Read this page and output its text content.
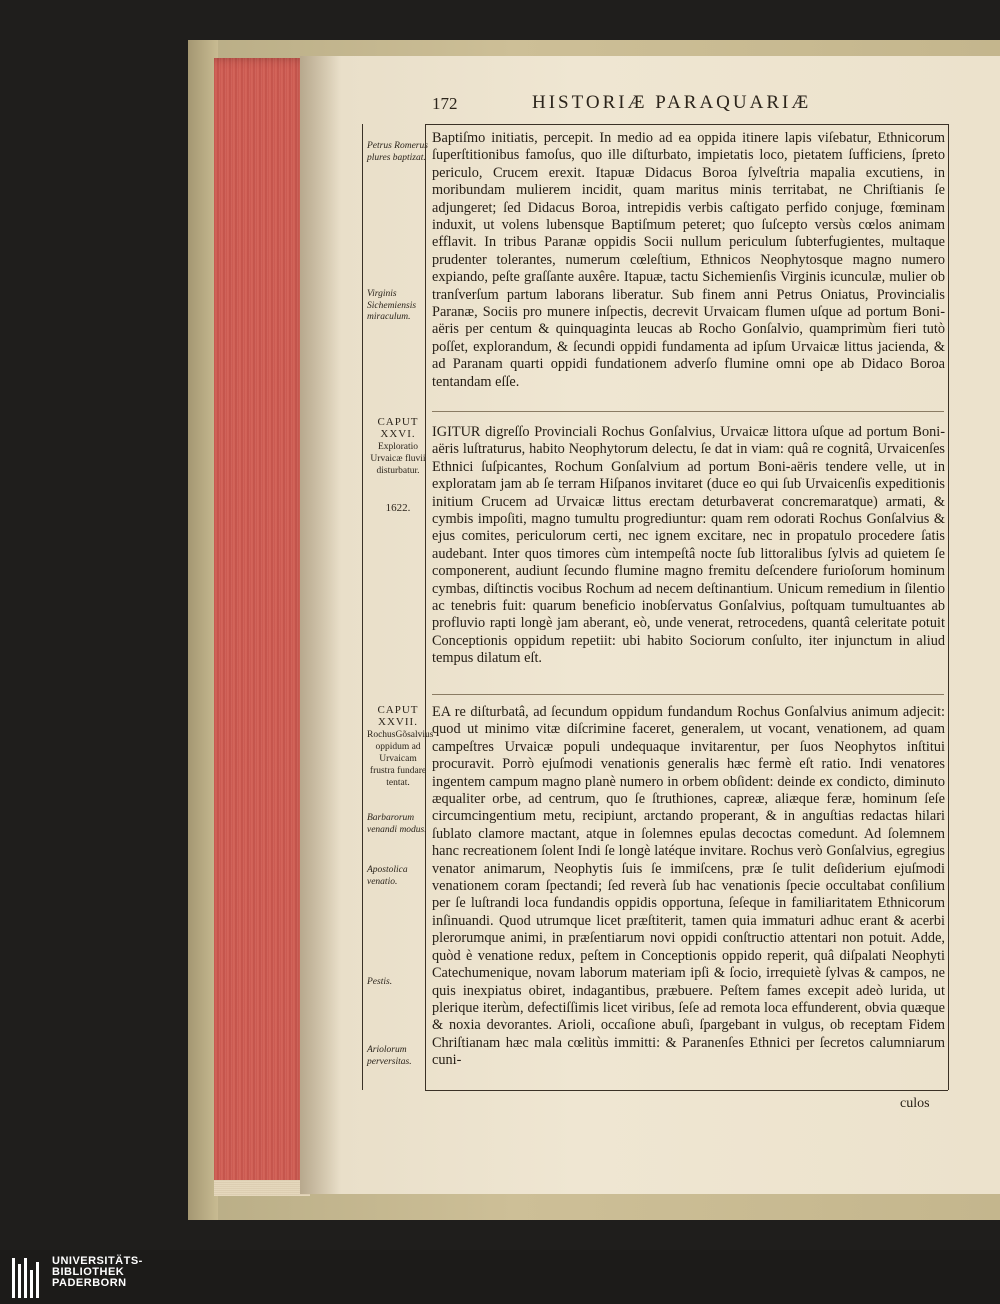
172	HISTORIÆ PARAQUARIÆ
Petrus Romerus plures baptizat.
Virginis Sichemiensis miraculum.
CAPUT XXVI.
Exploratio Urvaicæ fluvii disturbatur.
1622.
CAPUT XXVII.
RochusGõsalvius oppidum ad Urvaicam frustra fundare tentat.
Barbarorum venandi modus.
Apostolica venatio.
Pestis.
Ariolorum perversitas.

Baptiſmo initiatis, percepit. In medio ad ea oppida itinere lapis viſebatur, Ethnicorum ſuperſtitionibus famoſus, quo ille diſturbato, impietatis loco, pietatem ſufficiens, ſpreto periculo, Crucem erexit. Itapuæ Didacus Boroa ſylveſtria mapalia excutiens, in moribundam mulierem incidit, quam maritus minis territabat, ne Chriſtianis ſe adjungeret; ſed Didacus Boroa, intrepidis verbis caſtigato perfido conjuge, fœminam induxit, ut volens lubensque Baptiſmum peteret; quo ſuſcepto versùs cœlos animam efflavit. In tribus Paranæ oppidis Socii nullum periculum ſubterfugientes, multaque prudenter tolerantes, numerum cœleſtium, Ethnicos Neophytosque magno numero expiando, peſte graſſante auxêre. Itapuæ, tactu Sichemienſis Virginis icunculæ, mulier ob tranſverſum partum laborans liberatur. Sub finem anni Petrus Oniatus, Provincialis Paranæ, Sociis pro munere inſpectis, decrevit Urvaicam flumen uſque ad portum Boni-aëris per centum & quinquaginta leucas ab Rocho Gonſalvio, quamprimùm fieri tutò poſſet, explorandum, & ſecundi oppidi fundamenta ad ipſum Urvaicæ littus jacienda, & ad Paranam quarti oppidi fundationem adverſo flumine omni ope ab Didaco Boroa tentandam eſſe.

IGITUR digreſſo Provinciali Rochus Gonſalvius, Urvaicæ littora uſque ad portum Boni-aëris luſtraturus, habito Neophytorum delectu, ſe dat in viam: quâ re cognitâ, Urvaicenſes Ethnici ſuſpicantes, Rochum Gonſalvium ad portum Boni-aëris tendere velle, ut in exploratam jam ab ſe terram Hiſpanos invitaret (duce eo qui ſub Urvaicenſis expeditionis initium Crucem ad Urvaicæ littus erectam deturbaverat concremaratque) armati, & cymbis impoſiti, magno tumultu progrediuntur: quam rem odorati Rochus Gonſalvius & ejus comites, periculorum certi, nec ignem excitare, nec in propatulo procedere ſatis audebant. Inter quos timores cùm intempeſtâ nocte ſub littoralibus ſylvis ad quietem ſe componerent, audiunt ſecundo flumine magno fremitu deſcendere furioſorum hominum cymbas, diſtinctis vocibus Rochum ad necem deſtinantium. Unicum remedium in ſilentio ac tenebris fuit: quarum beneficio inobſervatus Gonſalvius, poſtquam tumultuantes ab profluvio rapti longè jam aberant, eò, unde venerat, retrocedens, quantâ celeritate potuit Conceptionis oppidum repetiit: ubi habito Sociorum conſulto, iter injunctum in aliud tempus dilatum eſt.

EA re diſturbatâ, ad ſecundum oppidum fundandum Rochus Gonſalvius animum adjecit: quod ut minimo vitæ diſcrimine faceret, generalem, ut vocant, venationem, ad quam campeſtres Urvaicæ populi undequaque invitarentur, per ſuos Neophytos inſtitui procuravit. Porrò ejuſmodi venationis generalis hæc fermè eſt ratio. Indi venatores ingentem campum magno planè numero in orbem obſident: deinde ex condicto, diminuto æqualiter orbe, ad centrum, quo ſe ſtruthiones, capreæ, aliæque feræ, hominum ſeſe circumcingentium metu, recipiunt, arctando properant, & in anguſtias redactas hilari ſublato clamore mactant, atque in ſolemnes epulas decoctas comedunt. Ad ſolemnem hanc recreationem ſolent Indi ſe longè latéque invitare. Rochus verò Gonſalvius, egregius venator animarum, Neophytis ſuis ſe immiſcens, præ ſe tulit deſiderium ejuſmodi venationem coram ſpectandi; ſed reverà ſub hac venationis ſpecie occultabat conſilium per ſe luſtrandi loca fundandis oppidis opportuna, ſeſeque in familiaritatem Ethnicorum inſinuandi. Quod utrumque licet præſtiterit, tamen quia immaturi adhuc erant & acerbi plerorumque animi, in præſentiarum novi oppidi conſtructio attentari non potuit. Adde, quòd è venatione redux, peſtem in Conceptionis oppido reperit, quâ diſpalati Neophyti Catechumenique, novam laborum materiam ipſi & ſocio, irrequietè ſylvas & campos, ne quis inexpiatus obiret, indagantibus, præbuere. Peſtem fames excepit adeò lurida, ut plerique iterùm, defectiſſimis licet viribus, ſeſe ad remota loca effunderent, obvia quæque & noxia devorantes. Arioli, occaſione abuſi, ſpargebant in vulgus, ob receptam Fidem Chriſtianam hæc mala cœlitùs immitti: & Paranenſes Ethnici per ſecretos calumniarum cuni-

culos
UNIVERSITÄTS-
BIBLIOTHEK
PADERBORN
